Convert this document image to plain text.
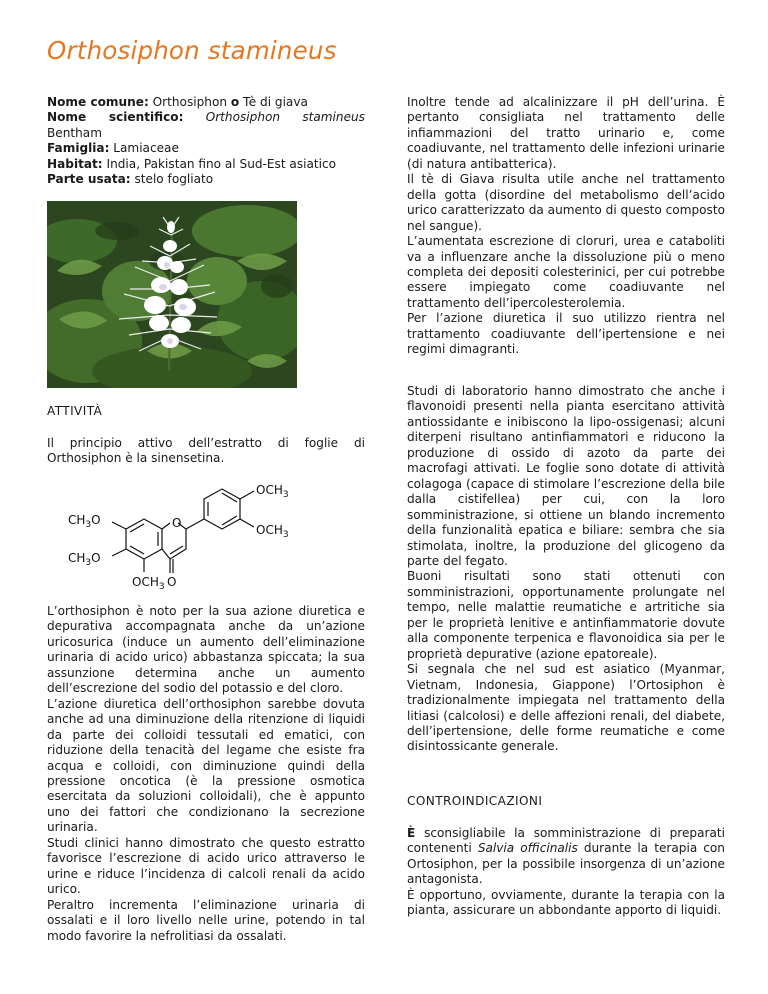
Orthosiphon stamineus

Nome comune: Orthosiphon o Tè di giava

Nome scientifico: Orthosiphon stamineus

Bentham

Famiglia: Lamiaceae

Habitat: India, Pakistan fino al Sud-Est asiatico

Parte usata: stelo fogliato

ATTIVITÀ

Il principio attivo dell’estratto di foglie di Orthosiphon è la sinensetina.

O
O
$OCH_3$
$OCH_3$
$CH_3O$
$CH_3O$
$OCH_3$

L’orthosiphon è noto per la sua azione diuretica e depurativa accompagnata anche da un’azione uricosurica (induce un aumento dell’eliminazione urinaria di acido urico) abbastanza spiccata; la sua assunzione determina anche un aumento dell’escrezione del sodio del potassio e del cloro.

L’azione diuretica dell’orthosiphon sarebbe dovuta anche ad una diminuzione della ritenzione di liquidi da parte dei colloidi tessutali ed ematici, con riduzione della tenacità del legame che esiste fra acqua e colloidi, con diminuzione quindi della pressione oncotica (è la pressione osmotica esercitata da soluzioni colloidali), che è appunto uno dei fattori che condizionano la secrezione urinaria.

Studi clinici hanno dimostrato che questo estratto favorisce l’escrezione di acido urico attraverso le urine e riduce l’incidenza di calcoli renali da acido urico.

Peraltro incrementa l’eliminazione urinaria di ossalati e il loro livello nelle urine, potendo in tal modo favorire la nefrolitiasi da ossalati.

Inoltre tende ad alcalinizzare il pH dell’urina. È pertanto consigliata nel trattamento delle infiammazioni del tratto urinario e, come coadiuvante, nel trattamento delle infezioni urinarie (di natura antibatterica).

Il tè di Giava risulta utile anche nel trattamento della gotta (disordine del metabolismo dell’acido urico caratterizzato da aumento di questo composto nel sangue).

L’aumentata escrezione di cloruri, urea e cataboliti va a influenzare anche la dissoluzione più o meno completa dei depositi colesterinici, per cui potrebbe essere impiegato come coadiuvante nel trattamento dell’ipercolesterolemia.

Per l’azione diuretica il suo utilizzo rientra nel trattamento coadiuvante dell’ipertensione e nei regimi dimagranti.

Studi di laboratorio hanno dimostrato che anche i flavonoidi presenti nella pianta esercitano attività antiossidante e inibiscono la lipo-ossigenasi; alcuni diterpeni risultano antinfiammatori e riducono la produzione di ossido di azoto da parte dei macrofagi attivati. Le foglie sono dotate di attività colagoga (capace di stimolare l’escrezione della bile dalla cistifellea) per cui, con la loro somministrazione, si ottiene un blando incremento della funzionalità epatica e biliare: sembra che sia stimolata, inoltre, la produzione del glicogeno da parte del fegato.

Buoni risultati sono stati ottenuti con somministrazioni, opportunamente prolungate nel tempo, nelle malattie reumatiche e artritiche sia per le proprietà lenitive e antinfiammatorie dovute alla componente terpenica e flavonoidica sia per le proprietà depurative (azione epatoreale).

Si segnala che nel sud est asiatico (Myanmar, Vietnam, Indonesia, Giappone) l’Ortosiphon è tradizionalmente impiegata nel trattamento della litiasi (calcolosi) e delle affezioni renali, del diabete, dell’ipertensione, delle forme reumatiche e come disintossicante generale.

CONTROINDICAZIONI

È sconsigliabile la somministrazione di preparati contenenti Salvia officinalis durante la terapia con Ortosiphon, per la possibile insorgenza di un’azione antagonista.

È opportuno, ovviamente, durante la terapia con la pianta, assicurare un abbondante apporto di liquidi.
